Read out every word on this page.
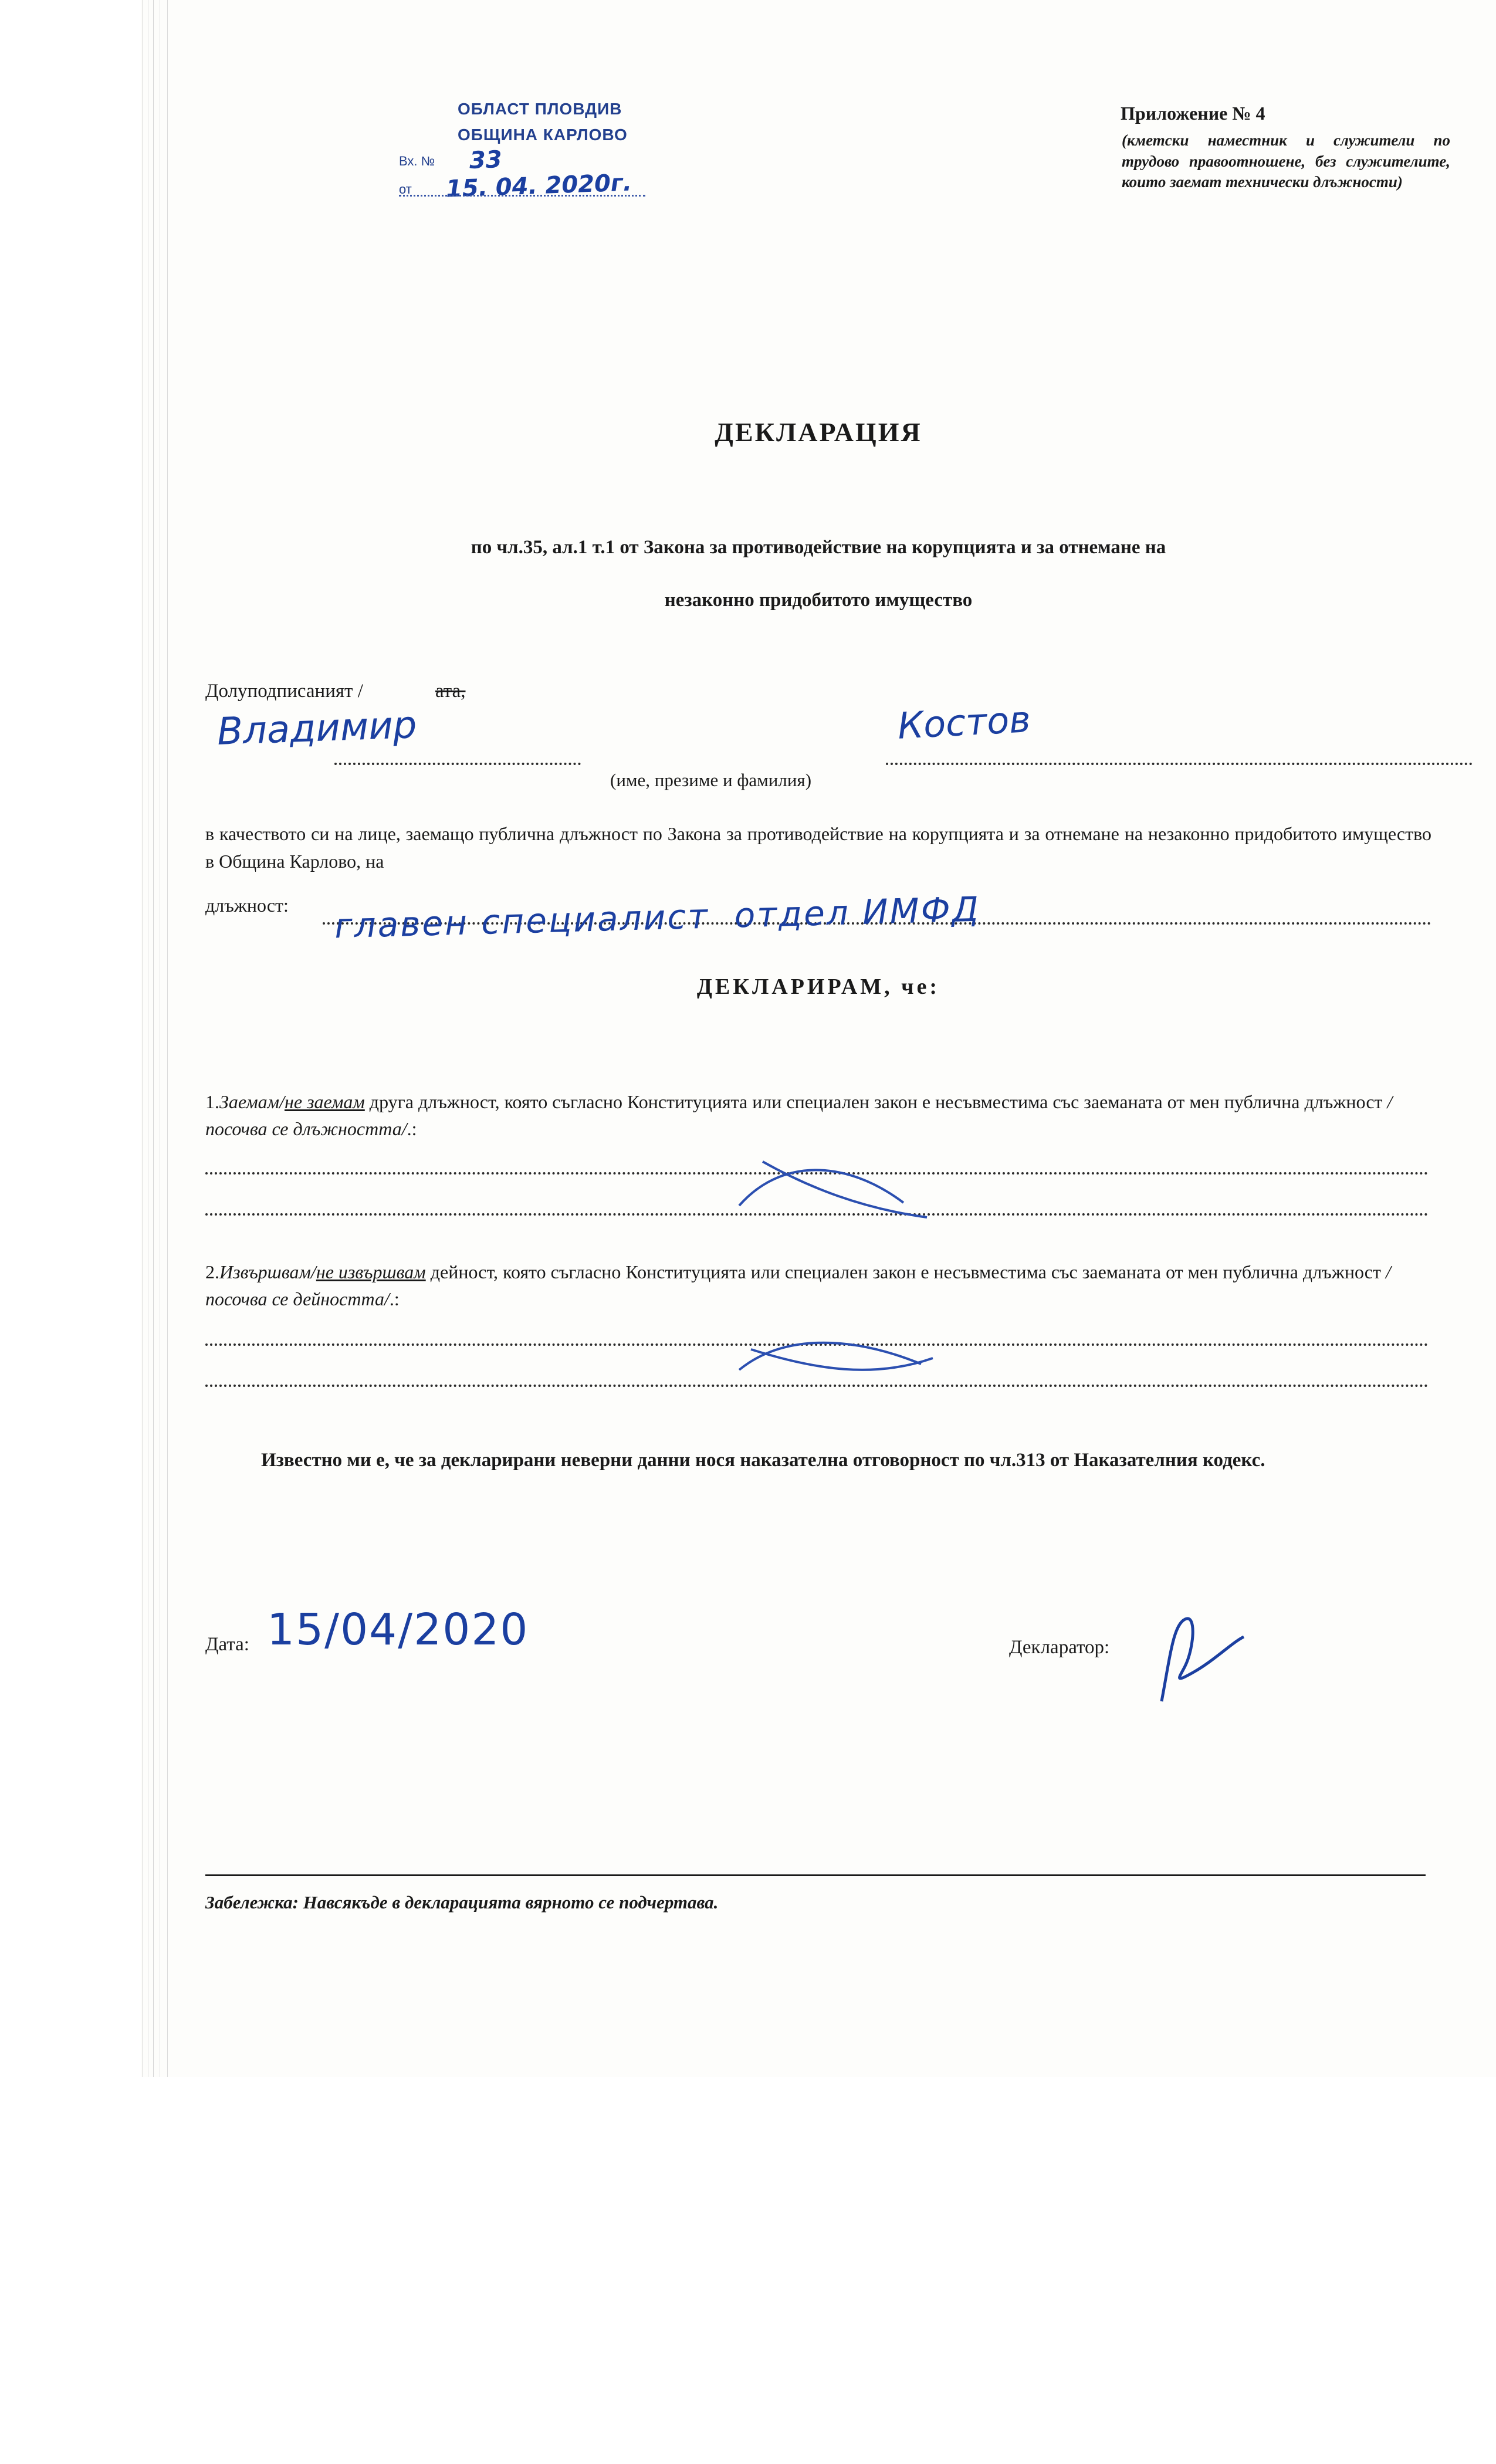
ОБЛАСТ ПЛОВДИВ
ОБЩИНА КАРЛОВО
Вх. №
от
33
15. 04. 2020г.
Приложение № 4
(кметски наместник и служители по трудово правоотношене, без служителите, които заемат технически длъжности)
ДЕКЛАРАЦИЯ
по чл.35, ал.1 т.1 от Закона за противодействие на корупцията и за отнемане на
незаконно придобитото имущество
Долуподписаният /	ата,
Владимир	Костов
(име, презиме и фамилия)
в качеството си на лице, заемащо публична длъжност по Закона за противодействие на корупцията и за отнемане на незаконно придобитото имущество в Община Карлово, на
длъжност: главен специалист  отдел ИМФД
ДЕКЛАРИРАМ, че:
1.Заемам/не заемам друга длъжност, която съгласно Конституцията или специален закон е несъвместима със заеманата от мен публична длъжност /посочва се длъжността/.:
2.Извършвам/не извършвам дейност, която съгласно Конституцията или специален закон е несъвместима със заеманата от мен публична длъжност /посочва се дейността/.:
Известно ми е, че за декларирани неверни данни нося наказателна отговорност по чл.313 от Наказателния кодекс.
Дата: 15/04/2020	Декларатор:
Забележка: Навсякъде в декларацията вярното се подчертава.
